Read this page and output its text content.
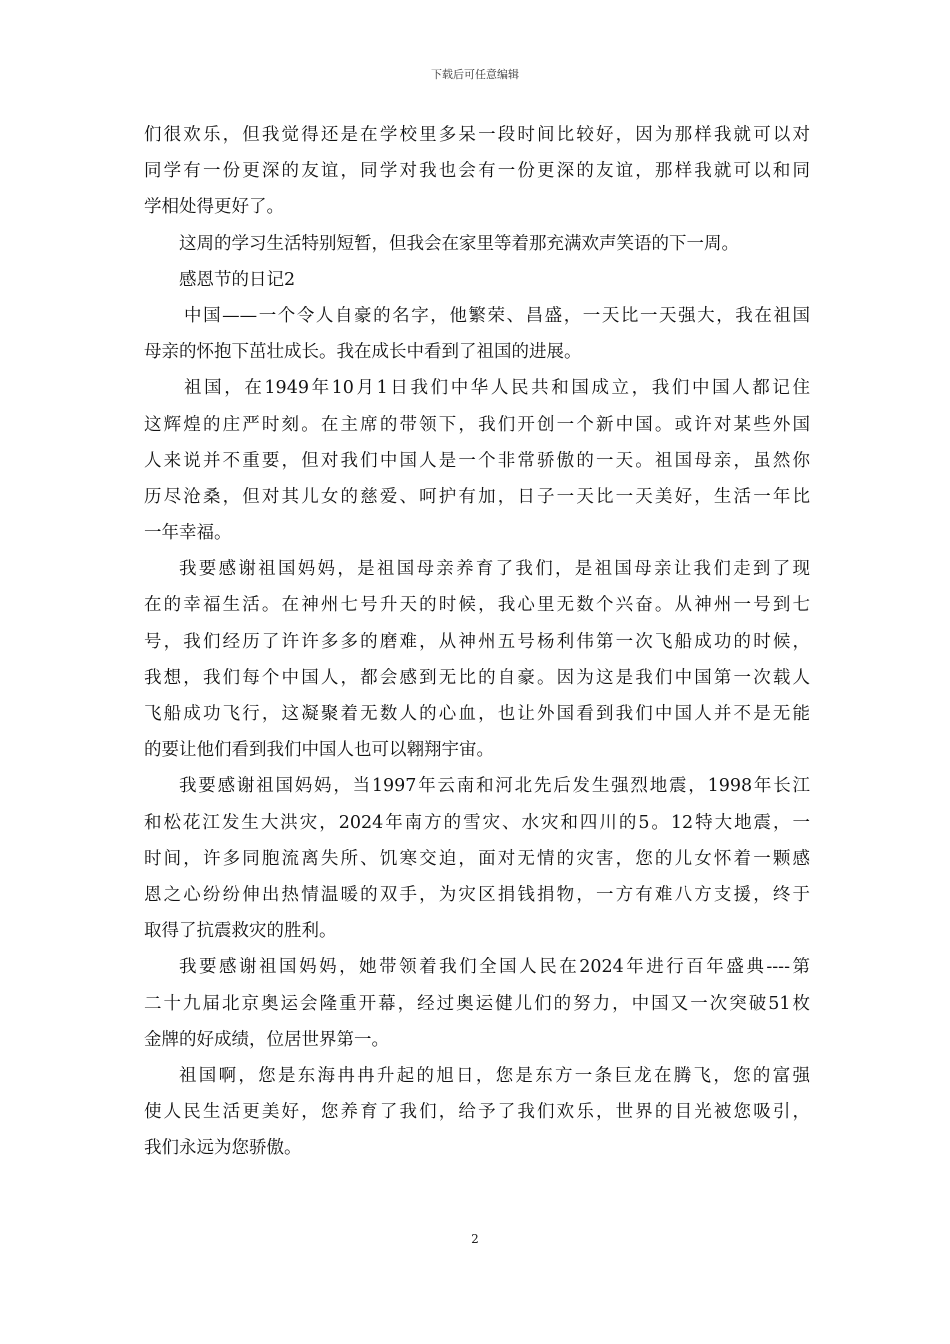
下载后可任意编辑
们很欢乐，但我觉得还是在学校里多呆一段时间比较好，因为那样我就可以对
同学有一份更深的友谊，同学对我也会有一份更深的友谊，那样我就可以和同
学相处得更好了。
这周的学习生活特别短暂，但我会在家里等着那充满欢声笑语的下一周。
感恩节的日记2
中国——一个令人自豪的名字，他繁荣、昌盛，一天比一天强大，我在祖国
母亲的怀抱下茁壮成长。我在成长中看到了祖国的进展。
祖国，在1949年10月1日我们中华人民共和国成立，我们中国人都记住
这辉煌的庄严时刻。在主席的带领下，我们开创一个新中国。或许对某些外国
人来说并不重要，但对我们中国人是一个非常骄傲的一天。祖国母亲，虽然你
历尽沧桑，但对其儿女的慈爱、呵护有加，日子一天比一天美好，生活一年比
一年幸福。
我要感谢祖国妈妈，是祖国母亲养育了我们，是祖国母亲让我们走到了现
在的幸福生活。在神州七号升天的时候，我心里无数个兴奋。从神州一号到七
号，我们经历了许许多多的磨难，从神州五号杨利伟第一次飞船成功的时候，
我想，我们每个中国人，都会感到无比的自豪。因为这是我们中国第一次载人
飞船成功飞行，这凝聚着无数人的心血，也让外国看到我们中国人并不是无能
的要让他们看到我们中国人也可以翱翔宇宙。
我要感谢祖国妈妈，当1997年云南和河北先后发生强烈地震，1998年长江
和松花江发生大洪灾，2024年南方的雪灾、水灾和四川的5。12特大地震，一
时间，许多同胞流离失所、饥寒交迫，面对无情的灾害，您的儿女怀着一颗感
恩之心纷纷伸出热情温暖的双手，为灾区捐钱捐物，一方有难八方支援，终于
取得了抗震救灾的胜利。
我要感谢祖国妈妈，她带领着我们全国人民在2024年进行百年盛典----第
二十九届北京奥运会隆重开幕，经过奥运健儿们的努力，中国又一次突破51枚
金牌的好成绩，位居世界第一。
祖国啊，您是东海冉冉升起的旭日，您是东方一条巨龙在腾飞，您的富强
使人民生活更美好，您养育了我们，给予了我们欢乐，世界的目光被您吸引，
我们永远为您骄傲。
2
